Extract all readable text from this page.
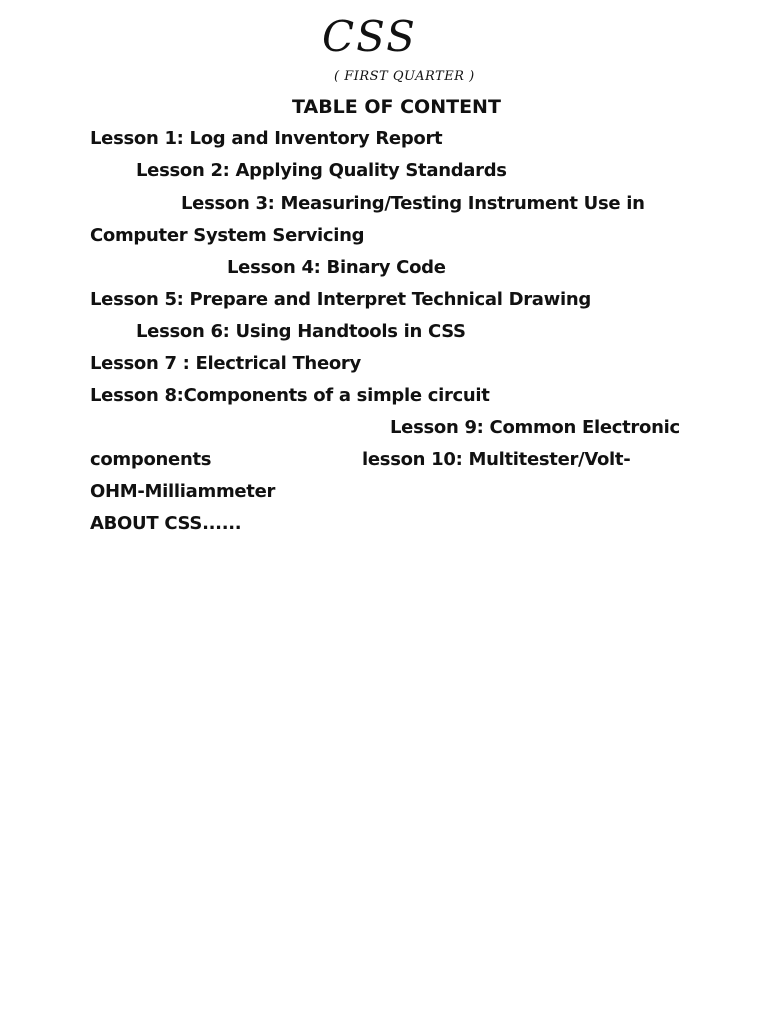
CSS
( FIRST QUARTER )
TABLE OF CONTENT
Lesson 1: Log and Inventory Report
Lesson 2: Applying Quality Standards
Lesson 3: Measuring/Testing Instrument Use in
Computer System Servicing
Lesson 4: Binary Code
Lesson 5: Prepare and Interpret Technical Drawing
Lesson 6: Using Handtools in CSS
Lesson 7 : Electrical Theory
Lesson 8:Components of a simple circuit
Lesson 9: Common Electronic
components	lesson 10: Multitester/Volt-
OHM-Milliammeter
ABOUT CSS......
